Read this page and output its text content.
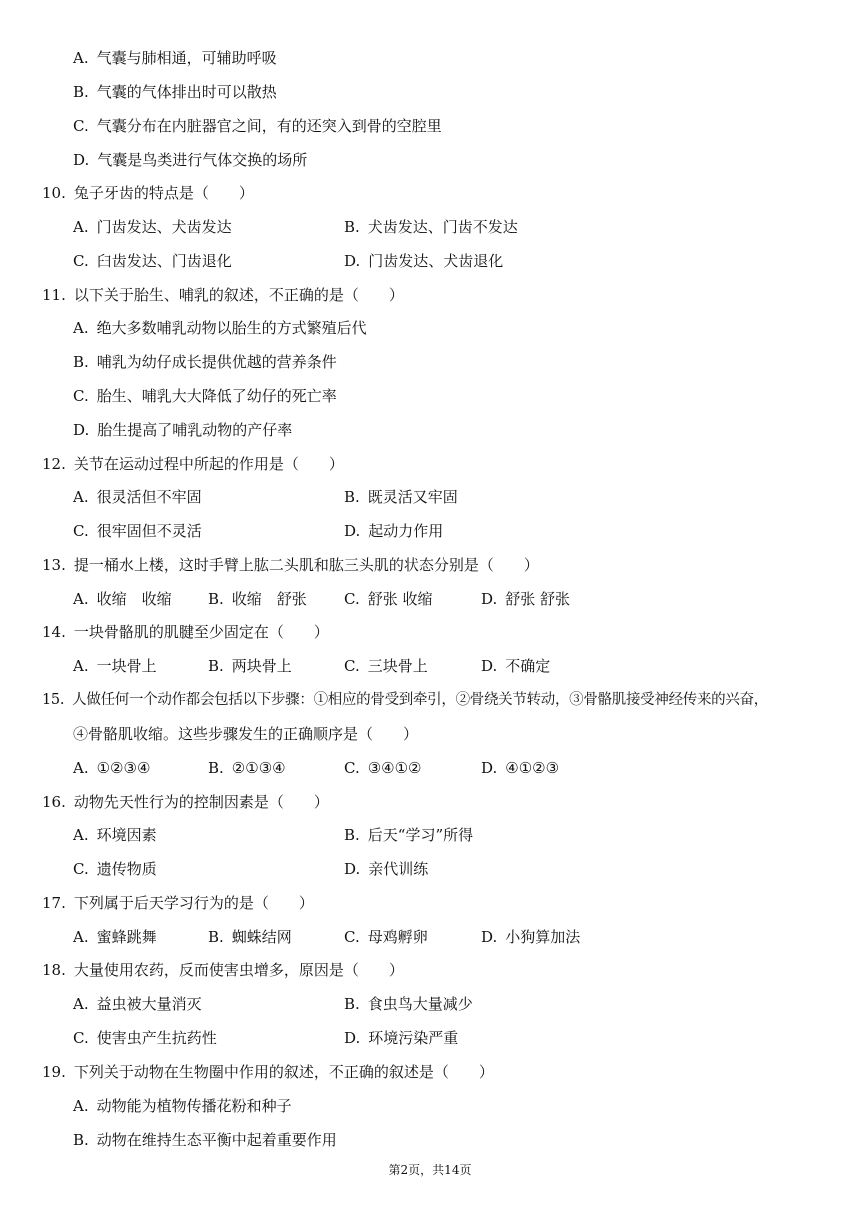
A. 气囊与肺相通，可辅助呼吸
B. 气囊的气体排出时可以散热
C. 气囊分布在内脏器官之间，有的还突入到骨的空腔里
D. 气囊是鸟类进行气体交换的场所
10. 兔子牙齿的特点是（　　）
A. 门齿发达、犬齿发达	B. 犬齿发达、门齿不发达
C. 臼齿发达、门齿退化	D. 门齿发达、犬齿退化
11. 以下关于胎生、哺乳的叙述，不正确的是（　　）
A. 绝大多数哺乳动物以胎生的方式繁殖后代
B. 哺乳为幼仔成长提供优越的营养条件
C. 胎生、哺乳大大降低了幼仔的死亡率
D. 胎生提高了哺乳动物的产仔率
12. 关节在运动过程中所起的作用是（　　）
A. 很灵活但不牢固	B. 既灵活又牢固
C. 很牢固但不灵活	D. 起动力作用
13. 提一桶水上楼，这时手臂上肱二头肌和肱三头肌的状态分别是（　　）
A. 收缩　收缩 B. 收缩　舒张 C. 舒张 收缩	D. 舒张 舒张
14. 一块骨骼肌的肌腱至少固定在（　　）
A. 一块骨上	B. 两块骨上	C. 三块骨上	D. 不确定
15. 人做任何一个动作都会包括以下步骤：①相应的骨受到牵引，②骨绕关节转动，③骨骼肌接受神经传来的兴奋，
④骨骼肌收缩。这些步骤发生的正确顺序是（　　）
A. ①②③④	B. ②①③④	C. ③④①②	D. ④①②③
16. 动物先天性行为的控制因素是（　　）
A. 环境因素	B. 后天“学习”所得
C. 遗传物质	D. 亲代训练
17. 下列属于后天学习行为的是（　　）
A. 蜜蜂跳舞	B. 蜘蛛结网	C. 母鸡孵卵	D. 小狗算加法
18. 大量使用农药，反而使害虫增多，原因是（　　）
A. 益虫被大量消灭	B. 食虫鸟大量减少
C. 使害虫产生抗药性	D. 环境污染严重
19. 下列关于动物在生物圈中作用的叙述，不正确的叙述是（　　）
A. 动物能为植物传播花粉和种子
B. 动物在维持生态平衡中起着重要作用
第2页，共14页
